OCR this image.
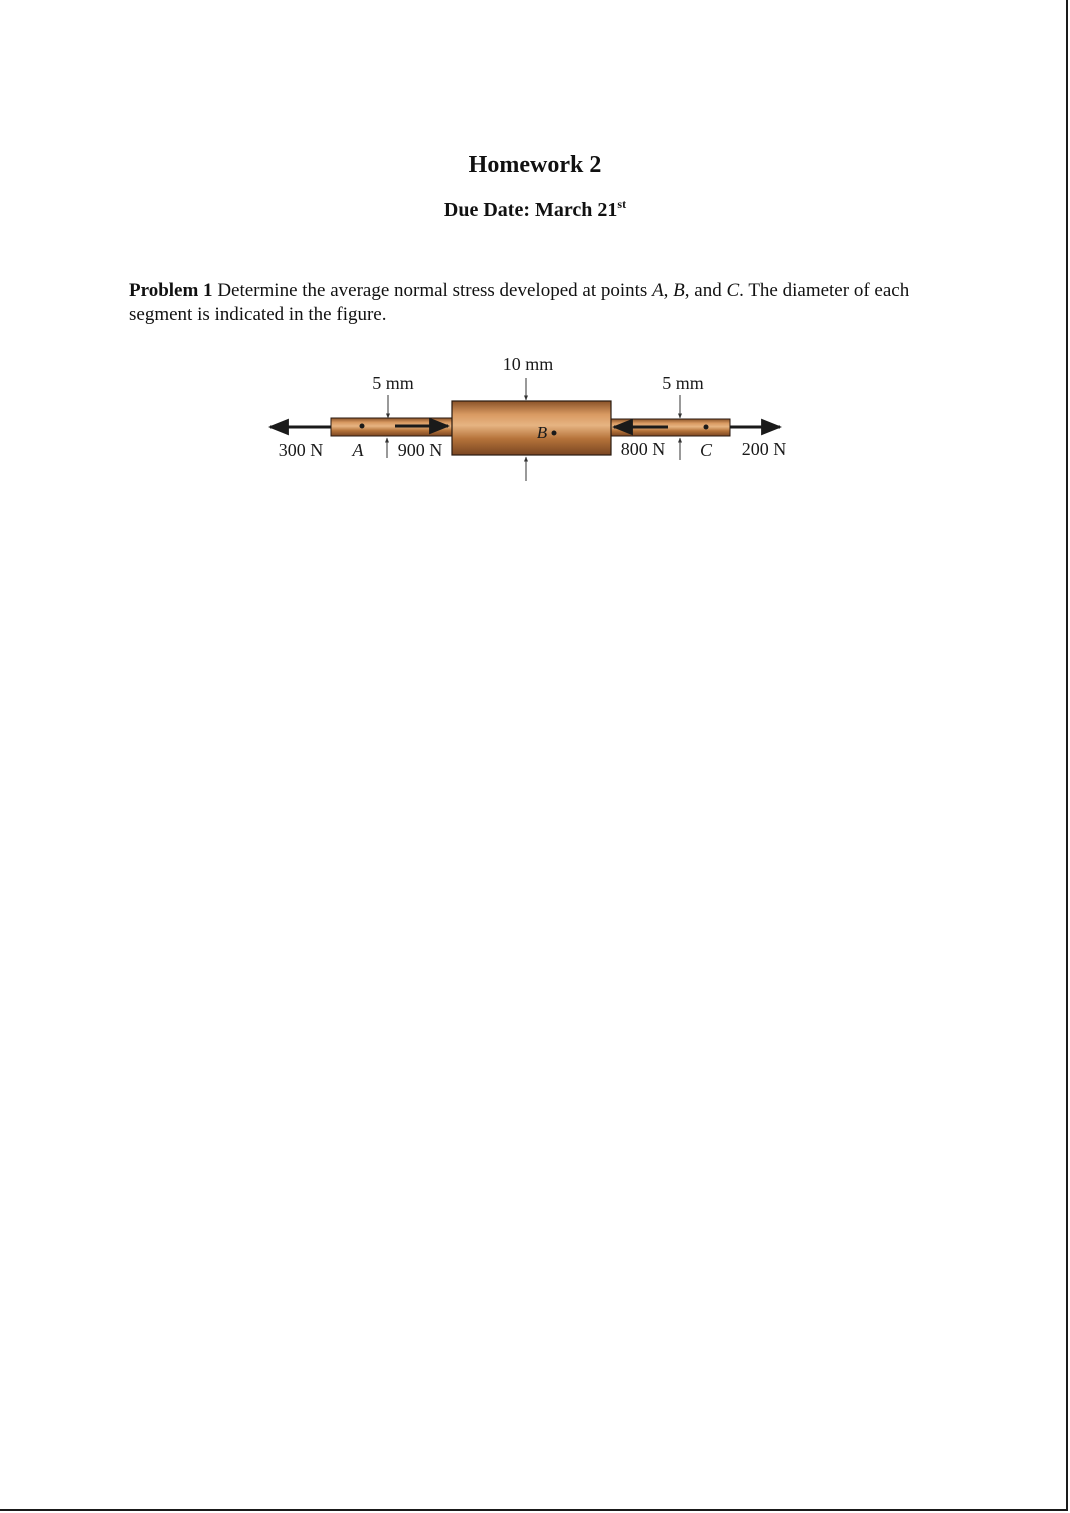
Homework 2

Due Date: March 21st

Problem 1 Determine the average normal stress developed at points A, B, and C. The diameter of each segment is indicated in the figure.

10 mm
5 mm	5 mm
300 N A 900 N
B
800 N C 200 N
